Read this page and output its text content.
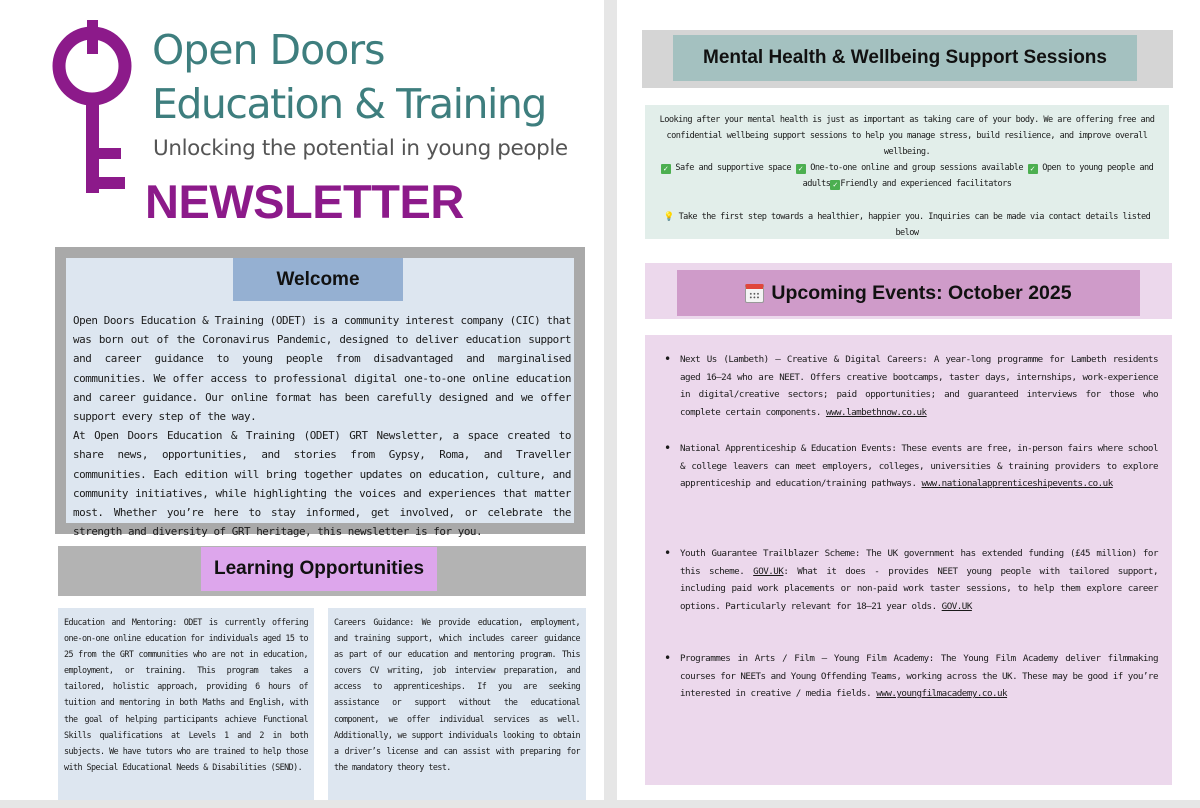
Open Doors
Education & Training
Unlocking the potential in young people
NEWSLETTER
Welcome
Open Doors Education & Training (ODET) is a community interest company (CIC) that was born out of the Coronavirus Pandemic, designed to deliver education support and career guidance to young people from disadvantaged and marginalised communities. We offer access to professional digital one-to-one online education and career guidance. Our online format has been carefully designed and we offer support every step of the way.
At Open Doors Education & Training (ODET) GRT Newsletter, a space created to share news, opportunities, and stories from Gypsy, Roma, and Traveller communities. Each edition will bring together updates on education, culture, and community initiatives, while highlighting the voices and experiences that matter most. Whether you’re here to stay informed, get involved, or celebrate the strength and diversity of GRT heritage, this newsletter is for you.
Learning Opportunities
Education and Mentoring: ODET is currently offering one-on-one online education for individuals aged 15 to 25 from the GRT communities who are not in education, employment, or training. This program takes a tailored, holistic approach, providing 6 hours of tuition and mentoring in both Maths and English, with the goal of helping participants achieve Functional Skills qualifications at Levels 1 and 2 in both subjects. We have tutors who are trained to help those with Special Educational Needs & Disabilities (SEND).
Careers Guidance: We provide education, employment, and training support, which includes career guidance as part of our education and mentoring program. This covers CV writing, job interview preparation, and access to apprenticeships. If you are seeking assistance or support without the educational component, we offer individual services as well. Additionally, we support individuals looking to obtain a driver’s license and can assist with preparing for the mandatory theory test.
Mental Health & Wellbeing Support Sessions
Looking after your mental health is just as important as taking care of your body. We are offering free and confidential wellbeing support sessions to help you manage stress, build resilience, and improve overall wellbeing.
✓ Safe and supportive space ✓ One-to-one online and group sessions available ✓ Open to young people and adults ✓ Friendly and experienced facilitators

💡 Take the first step towards a healthier, happier you. Inquiries can be made via contact details listed below
Upcoming Events: October 2025
• Next Us (Lambeth) – Creative & Digital Careers: A year-long programme for Lambeth residents aged 16–24 who are NEET. Offers creative bootcamps, taster days, internships, work-experience in digital/creative sectors; paid opportunities; and guaranteed interviews for those who complete certain components. www.lambethnow.co.uk
• National Apprenticeship & Education Events: These events are free, in-person fairs where school & college leavers can meet employers, colleges, universities & training providers to explore apprenticeship and education/training pathways. www.nationalapprenticeshipevents.co.uk
• Youth Guarantee Trailblazer Scheme: The UK government has extended funding (£45 million) for this scheme. GOV.UK: What it does - provides NEET young people with tailored support, including paid work placements or non-paid work taster sessions, to help them explore career options. Particularly relevant for 18–21 year olds. GOV.UK
• Programmes in Arts / Film – Young Film Academy: The Young Film Academy deliver filmmaking courses for NEETs and Young Offending Teams, working across the UK. These may be good if you’re interested in creative / media fields. www.youngfilmacademy.co.uk
